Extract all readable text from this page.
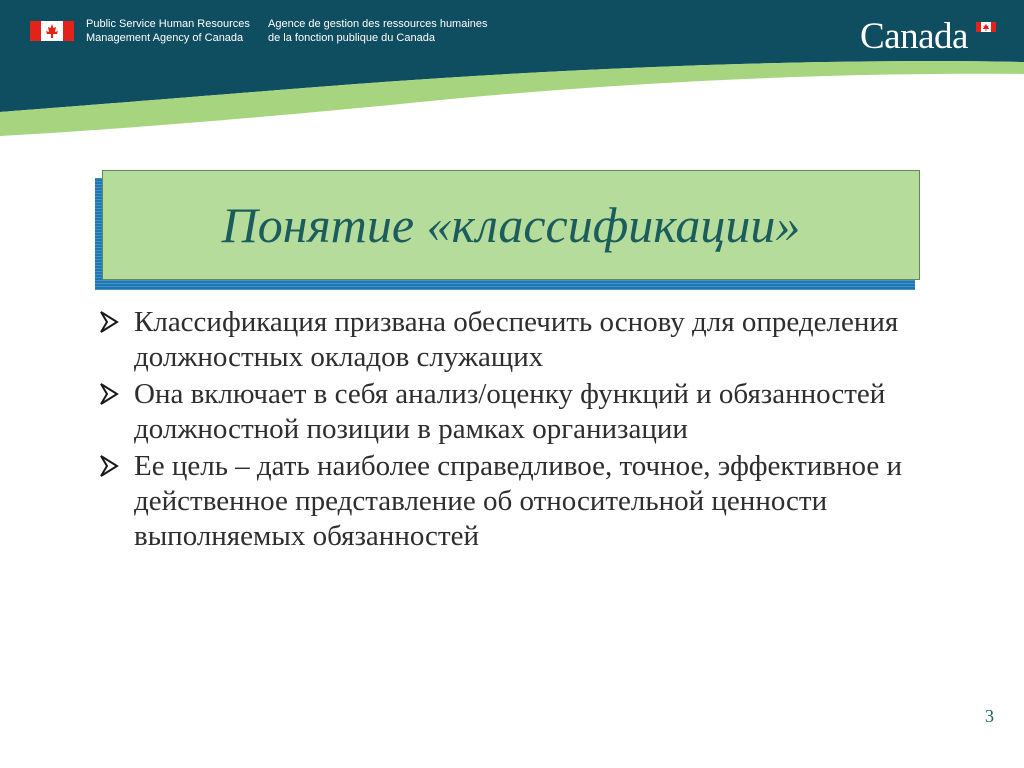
Public Service Human Resources
Management Agency of Canada
Agence de gestion des ressources humaines
de la fonction publique du Canada	Canada
Понятие «классификации»
Классификация призвана обеспечить основу для определения должностных окладов служащих
Она включает в себя анализ/оценку функций и обязанностей должностной позиции в рамках организации
Ее цель – дать наиболее справедливое, точное, эффективное и действенное представление об относительной ценности выполняемых обязанностей
3
